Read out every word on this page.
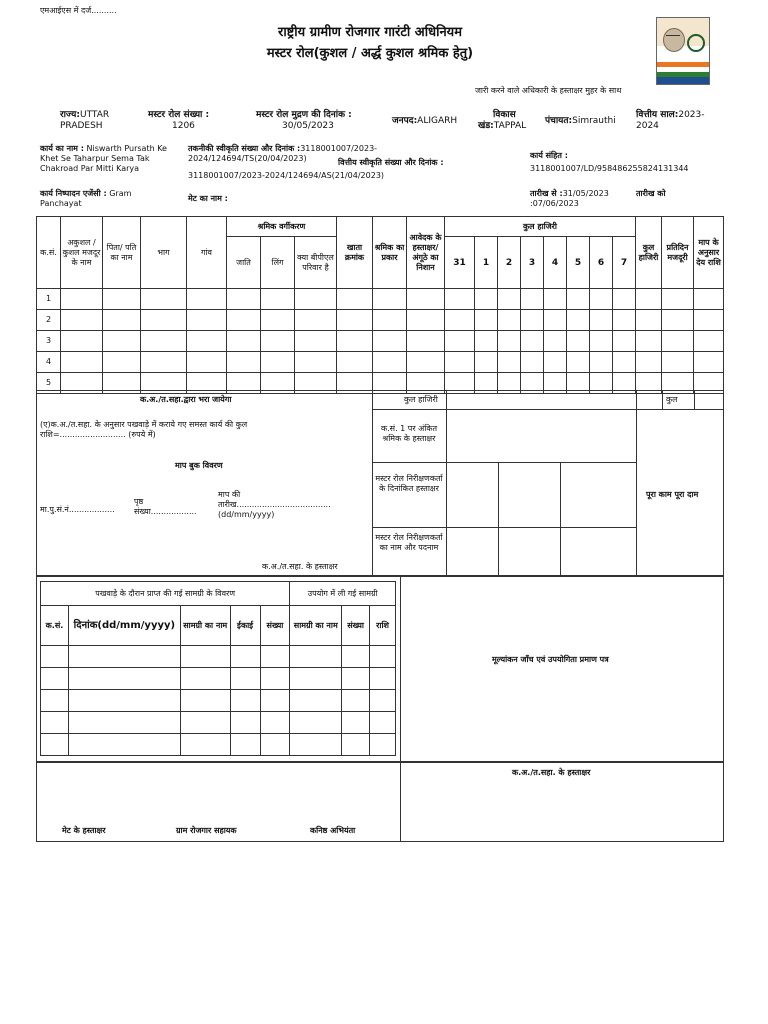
एमआईएस में दर्ज..........
राष्ट्रीय ग्रामीण रोजगार गारंटी अधिनियम
मस्टर रोल(कुशल / अर्द्ध कुशल श्रमिक हेतु)
जारी करने वाले अधिकारी के हस्ताक्षर मुहर के साथ
राज्य:UTTAR PRADESH
मस्टर रोल संख्या :
1206
मस्टर रोल मुद्रण की दिनांक :
30/05/2023	जनपद:ALIGARH
विकास
खंड:TAPPAL पंचायत:Simrauthi
वित्तीय साल:2023-2024
कार्य का नाम : Niswarth Pursath Ke Khet Se Taharpur Sema Tak Chakroad Par Mitti Karya
तकनीकी स्वीकृति संख्या और दिनांक :3118001007/2023-2024/124694/TS(20/04/2023)	वित्तीय स्वीकृति संख्या और दिनांक :
3118001007/2023-2024/124694/AS(21/04/2023)
कार्य संहित :
3118001007/LD/958486255824131344
कार्य निष्पादन एजेंसी : Gram Panchayat
मेट का नाम :
तारीख से :31/05/2023
:07/06/2023
तारीख को
क.सं.	अकुशल / कुशल मजदूर के नाम	पिता/ पति का नाम	भाग	गांव	श्रमिक वर्गीकरण			खाता क्रमांक	श्रमिक का प्रकार	आवेदक के हस्ताक्षर/ अंगूठे का निशान	कुल हाजिरी								कुल हाजिरी	प्रतिदिन मजदूरी	माप के अनुसार देय राशि
					जाति	लिंग	क्या बीपीएल परिवार है				31	1	2	3	4	5	6	7			
1																					
2																					
3																					
4																					
5																					
क.अ./त.सहा.द्वारा भरा जायेगा
(ए)क.अ./त.सहा. के अनुसार पखवाड़े में कराये गए समस्त कार्य की कुल राशि=.......................... (रुपये में)
माप बुक विवरण
मा.पु.सं.नं..................
पृष्ठ
संख्या..................
माप की
तारीख.....................................
(dd/mm/yyyy)
क.अ./त.सहा. के हस्ताक्षर
कुल हाजिरी	कुल
क.सं. 1 पर अंकित श्रमिक के हस्ताक्षर
मस्टर रोल निरीक्षणकर्ता के दिनांकित हस्ताक्षर
मस्टर रोल निरीक्षणकर्ता का नाम और पदनाम
पूरा काम पूरा दाम
पखवाड़े के दौरान प्राप्त की गई सामग्री के विवरण					उपयोग में ली गई सामग्री		
क.सं.	दिनांक(dd/mm/yyyy)	सामग्री का नाम	ईकाई	संख्या	सामग्री का नाम	संख्या	राशि

मूल्यांकन जाँच एवं उपयोगिता प्रमाण पत्र
मेट के हस्ताक्षर	ग्राम रोजगार सहायक	कनिष्ठ अभियंता
क.अ./त.सहा. के हस्ताक्षर
